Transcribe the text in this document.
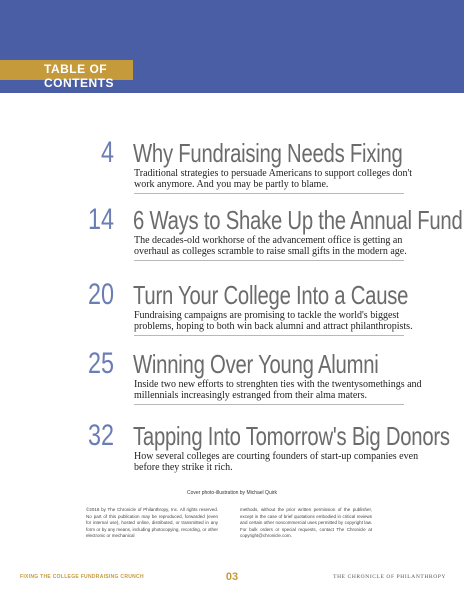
TABLE OF CONTENTS
4 Why Fundraising Needs Fixing
Traditional strategies to persuade Americans to support colleges don't work anymore. And you may be partly to blame.
14 6 Ways to Shake Up the Annual Fund
The decades-old workhorse of the advancement office is getting an overhaul as colleges scramble to raise small gifts in the modern age.
20 Turn Your College Into a Cause
Fundraising campaigns are promising to tackle the world's biggest problems, hoping to both win back alumni and attract philanthropists.
25 Winning Over Young Alumni
Inside two new efforts to strenghten ties with the twentysomethings and millennials increasingly estranged from their alma maters.
32 Tapping Into Tomorrow's Big Donors
How several colleges are courting founders of start-up companies even before they strike it rich.
Cover photo-illustration by Michael Quirk
©2018 by The Chronicle of Philanthropy, Inc. All rights reserved. No part of this publication may be reproduced, forwarded (even for internal use), hosted online, distributed, or transmitted in any form or by any means, including photocopying, recording, or other electronic or mechanical
methods, without the prior written permission of the publisher, except in the case of brief quotations embodied in critical reviews and certain other noncommercial uses permitted by copyright law. For bulk orders or special requests, contact The Chronicle at copyright@chronicle.com.
FIXING THE COLLEGE FUNDRAISING CRUNCH	03	THE CHRONICLE OF PHILANTHROPY
